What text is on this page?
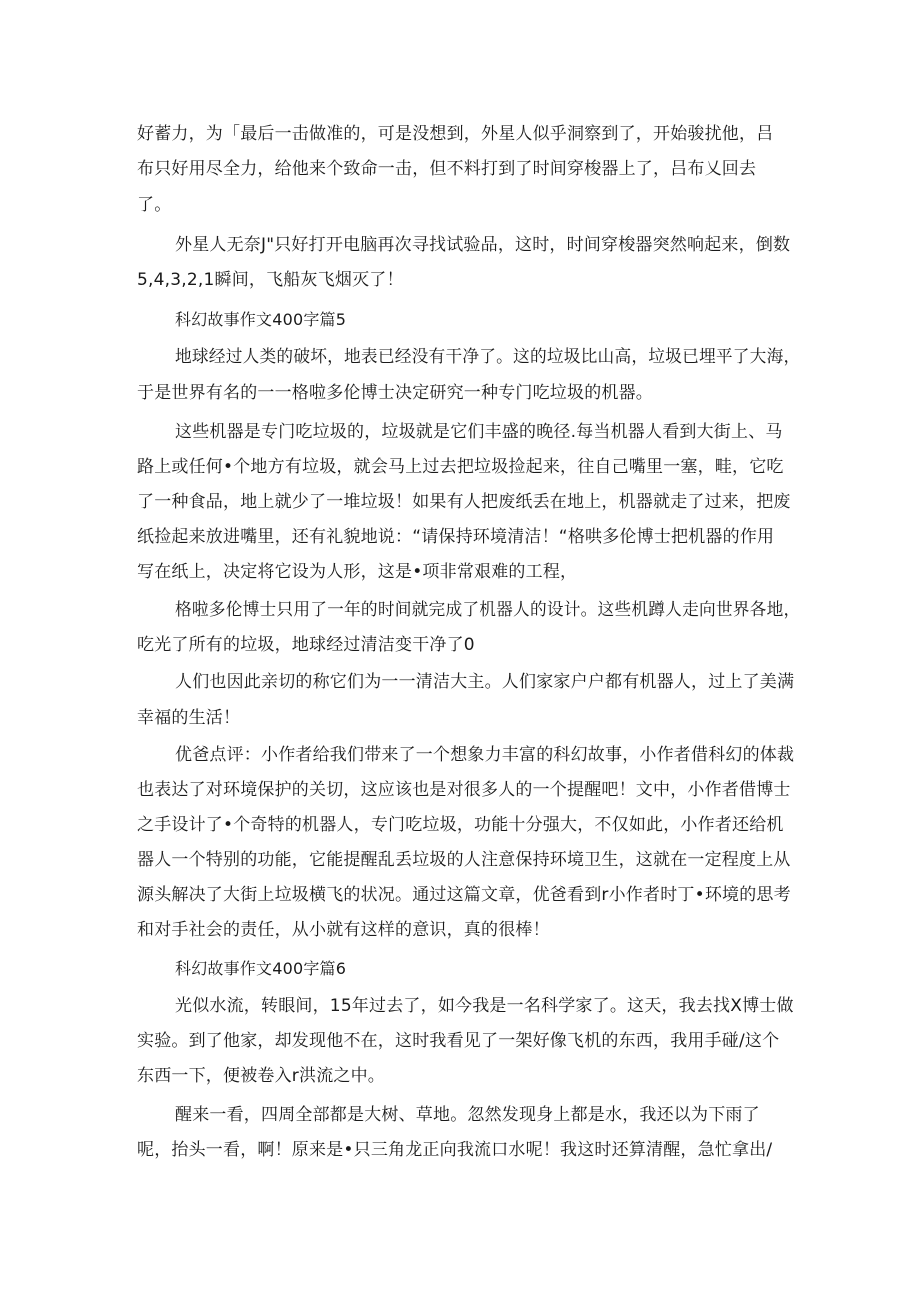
好蓄力，为「最后一击做准的，可是没想到，外星人似乎洞察到了，开始骏扰他，吕
布只好用尽全力，给他来个致命一击，但不料打到了时间穿梭器上了，吕布乂回去
了。
外星人无奈J"只好打开电脑再次寻找试验品，这时，时间穿梭器突然响起来，倒数
5,4,3,2,1瞬间，飞船灰飞烟灭了！
科幻故事作文400字篇5
地球经过人类的破坏，地表已经没有干净了。这的垃圾比山高，垃圾已埋平了大海，
于是世界有名的一一格啦多伦博士决定研究一种专门吃垃圾的机器。
这些机器是专门吃垃圾的，垃圾就是它们丰盛的晚径.每当机器人看到大街上、马
路上或任何•个地方有垃圾，就会马上过去把垃圾捡起来，往自己嘴里一塞，畦，它吃
了一种食品，地上就少了一堆垃圾！如果有人把废纸丢在地上，机器就走了过来，把废
纸捡起来放进嘴里，还有礼貌地说：“请保持环境清洁！“格哄多伦博士把机器的作用
写在纸上，决定将它设为人形，这是•项非常艰难的工程，
格啦多伦博士只用了一年的时间就完成了机器人的设计。这些机蹲人走向世界各地，
吃光了所有的垃圾，地球经过清洁变干净了0
人们也因此亲切的称它们为一一清洁大主。人们家家户户都有机器人，过上了美满
幸福的生活！
优爸点评：小作者给我们带来了一个想象力丰富的科幻故事，小作者借科幻的体裁
也表达了对环境保护的关切，这应该也是对很多人的一个提醒吧！文中，小作者借博士
之手设计了•个奇特的机器人，专门吃垃圾，功能十分强大，不仅如此，小作者还给机
器人一个特别的功能，它能提醒乱丢垃圾的人注意保持环境卫生，这就在一定程度上从
源头解决了大街上垃圾横飞的状况。通过这篇文章，优爸看到r小作者时丁•环境的思考
和对手社会的责任，从小就有这样的意识，真的很棒！
科幻故事作文400字篇6
光似水流，转眼间，15年过去了，如今我是一名科学家了。这天，我去找X博士做
实验。到了他家，却发现他不在，这时我看见了一架好像飞机的东西，我用手碰/这个
东西一下，便被卷入r洪流之中。
醒来一看，四周全部都是大树、草地。忽然发现身上都是水，我还以为下雨了
呢，抬头一看，啊！原来是•只三角龙正向我流口水呢！我这时还算清醒，急忙拿出/
